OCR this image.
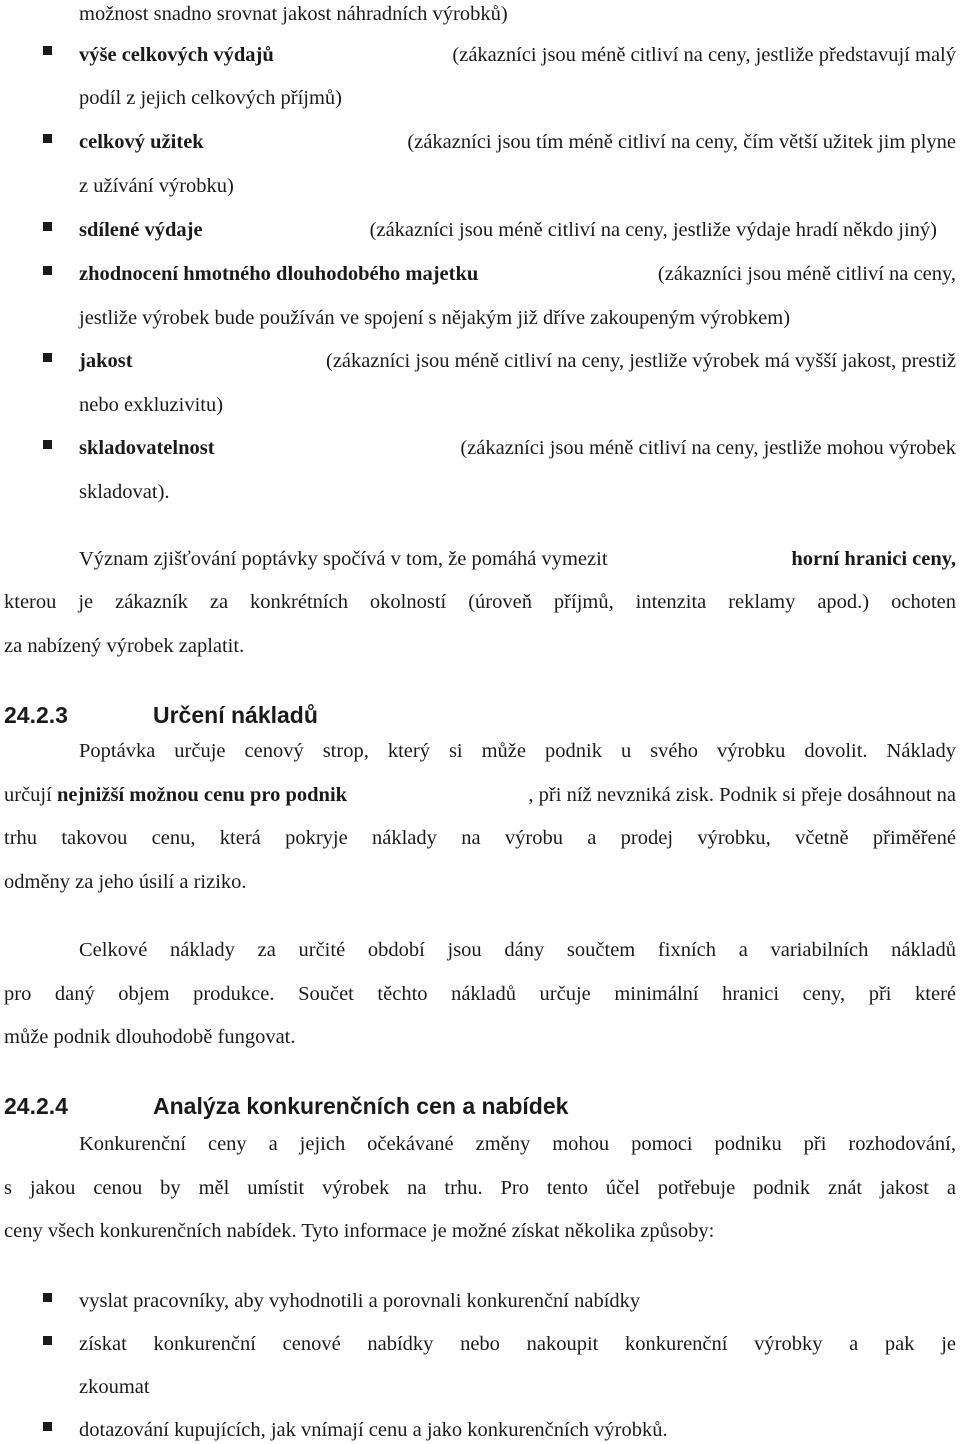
možnost snadno srovnat jakost náhradních výrobků)
výše celkových výdajů	(zákazníci jsou méně citliví na ceny, jestliže představují malý
podíl z jejich celkových příjmů)
celkový užitek	(zákazníci jsou tím méně citliví na ceny, čím větší užitek jim plyne
z užívání výrobku)
sdílené výdaje	(zákazníci jsou méně citliví na ceny, jestliže výdaje hradí někdo jiný)
zhodnocení hmotného dlouhodobého majetku	(zákazníci jsou méně citliví na ceny,
jestliže výrobek bude používán ve spojení s nějakým již dříve zakoupeným výrobkem)
jakost	(zákazníci jsou méně citliví na ceny, jestliže výrobek má vyšší jakost, prestiž
nebo exkluzivitu)
skladovatelnost	(zákazníci jsou méně citliví na ceny, jestliže mohou výrobek
skladovat).
Význam zjišťování poptávky spočívá v tom, že pomáhá vymezit	horní hranici ceny,
kterou je zákazník za konkrétních okolností (úroveň příjmů, intenzita reklamy apod.) ochoten
za nabízený výrobek zaplatit.
24.2.3	Určení nákladů
Poptávka určuje cenový strop, který si může podnik u svého výrobku dovolit. Náklady
určují nejnižší možnou cenu pro podnik	, při níž nevzniká zisk. Podnik si přeje dosáhnout na
trhu takovou cenu, která pokryje náklady na výrobu a prodej výrobku, včetně přiměřené
odměny za jeho úsilí a riziko.
Celkové náklady za určité období jsou dány součtem fixních a variabilních nákladů
pro daný objem produkce. Součet těchto nákladů určuje minimální hranici ceny, při které
může podnik dlouhodobě fungovat.
24.2.4	Analýza konkurenčních cen a nabídek
Konkurenční ceny a jejich očekávané změny mohou pomoci podniku při rozhodování,
s jakou cenou by měl umístit výrobek na trhu. Pro tento účel potřebuje podnik znát jakost a
ceny všech konkurenčních nabídek. Tyto informace je možné získat několika způsoby:
vyslat pracovníky, aby vyhodnotili a porovnali konkurenční nabídky
získat konkurenční cenové nabídky nebo nakoupit konkurenční výrobky a pak je
zkoumat
dotazování kupujících, jak vnímají cenu a jako konkurenčních výrobků.
